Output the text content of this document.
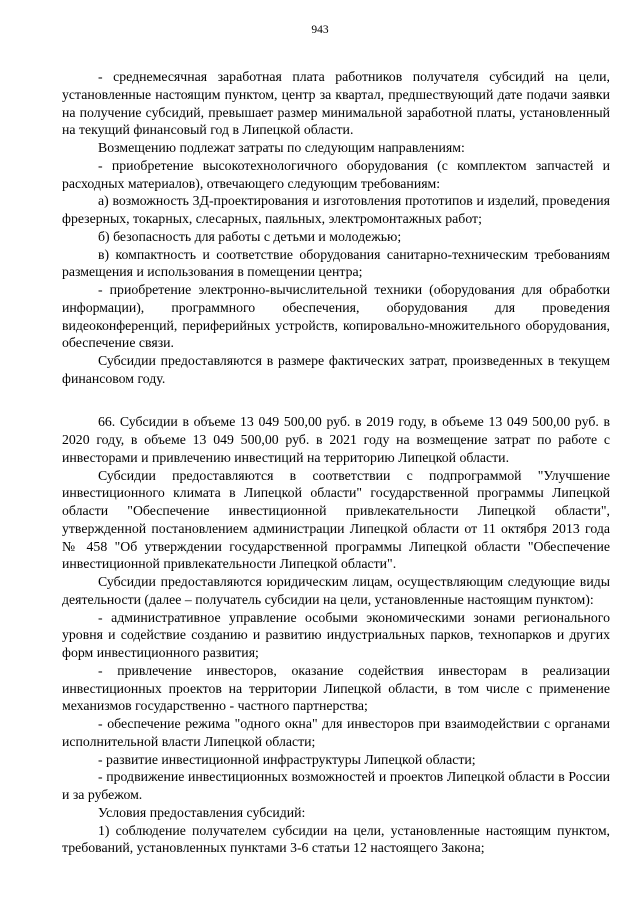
943

- среднемесячная заработная плата работников получателя субсидий на цели, установленные настоящим пунктом, центр за квартал, предшествующий дате подачи заявки на получение субсидий, превышает размер минимальной заработной платы, установленный на текущий финансовый год в Липецкой области.

Возмещению подлежат затраты по следующим направлениям:

- приобретение высокотехнологичного оборудования (с комплектом запчастей и расходных материалов), отвечающего следующим требованиям:

а) возможность 3Д-проектирования и изготовления прототипов и изделий, проведения фрезерных, токарных, слесарных, паяльных, электромонтажных работ;

б) безопасность для работы с детьми и молодежью;

в) компактность и соответствие оборудования санитарно-техническим требованиям размещения и использования в помещении центра;

- приобретение электронно-вычислительной техники (оборудования для обработки информации), программного обеспечения, оборудования для проведения видеоконференций, периферийных устройств, копировально-множительного оборудования, обеспечение связи.

Субсидии предоставляются в размере фактических затрат, произведенных в текущем финансовом году.

66. Субсидии в объеме 13 049 500,00 руб. в 2019 году, в объеме 13 049 500,00 руб. в 2020 году, в объеме 13 049 500,00 руб. в 2021 году на возмещение затрат по работе с инвесторами и привлечению инвестиций на территорию Липецкой области.

Субсидии предоставляются в соответствии с подпрограммой "Улучшение инвестиционного климата в Липецкой области" государственной программы Липецкой области "Обеспечение инвестиционной привлекательности Липецкой области", утвержденной постановлением администрации Липецкой области от 11 октября 2013 года № 458 "Об утверждении государственной программы Липецкой области "Обеспечение инвестиционной привлекательности Липецкой области".

Субсидии предоставляются юридическим лицам, осуществляющим следующие виды деятельности (далее – получатель субсидии на цели, установленные настоящим пунктом):

- административное управление особыми экономическими зонами регионального уровня и содействие созданию и развитию индустриальных парков, технопарков и других форм инвестиционного развития;

- привлечение инвесторов, оказание содействия инвесторам в реализации инвестиционных проектов на территории Липецкой области, в том числе с применение механизмов государственно - частного партнерства;

- обеспечение режима "одного окна" для инвесторов при взаимодействии с органами исполнительной власти Липецкой области;

- развитие инвестиционной инфраструктуры Липецкой области;

- продвижение инвестиционных возможностей и проектов Липецкой области в России и за рубежом.

Условия предоставления субсидий:

1) соблюдение получателем субсидии на цели, установленные настоящим пунктом, требований, установленных пунктами 3-6 статьи 12 настоящего Закона;
